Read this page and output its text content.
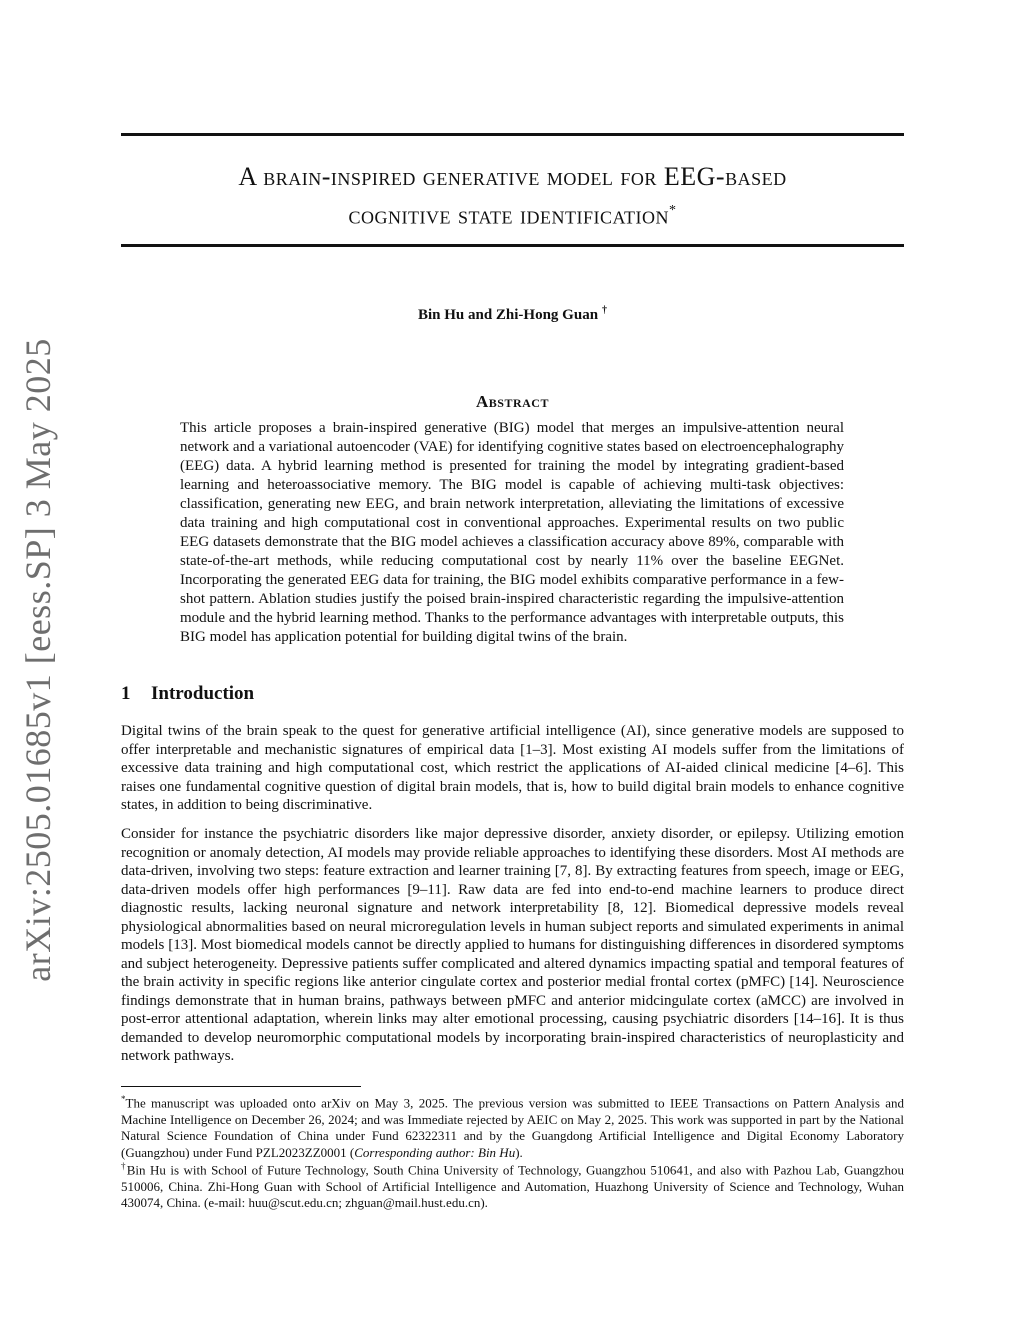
arXiv:2505.01685v1 [eess.SP] 3 May 2025
A brain-inspired generative model for EEG-based
cognitive state identification*
Bin Hu and Zhi-Hong Guan †
Abstract
This article proposes a brain-inspired generative (BIG) model that merges an impulsive-attention neural network and a variational autoencoder (VAE) for identifying cognitive states based on electroencephalography (EEG) data. A hybrid learning method is presented for training the model by integrating gradient-based learning and heteroassociative memory. The BIG model is capable of achieving multi-task objectives: classification, generating new EEG, and brain network interpretation, alleviating the limitations of excessive data training and high computational cost in conventional approaches. Experimental results on two public EEG datasets demonstrate that the BIG model achieves a classification accuracy above 89%, comparable with state-of-the-art methods, while reducing computational cost by nearly 11% over the baseline EEGNet. Incorporating the generated EEG data for training, the BIG model exhibits comparative performance in a few-shot pattern. Ablation studies justify the poised brain-inspired characteristic regarding the impulsive-attention module and the hybrid learning method. Thanks to the performance advantages with interpretable outputs, this BIG model has application potential for building digital twins of the brain.
1 Introduction
Digital twins of the brain speak to the quest for generative artificial intelligence (AI), since generative models are supposed to offer interpretable and mechanistic signatures of empirical data [1–3]. Most existing AI models suffer from the limitations of excessive data training and high computational cost, which restrict the applications of AI-aided clinical medicine [4–6]. This raises one fundamental cognitive question of digital brain models, that is, how to build digital brain models to enhance cognitive states, in addition to being discriminative.
Consider for instance the psychiatric disorders like major depressive disorder, anxiety disorder, or epilepsy. Utilizing emotion recognition or anomaly detection, AI models may provide reliable approaches to identifying these disorders. Most AI methods are data-driven, involving two steps: feature extraction and learner training [7, 8]. By extracting features from speech, image or EEG, data-driven models offer high performances [9–11]. Raw data are fed into end-to-end machine learners to produce direct diagnostic results, lacking neuronal signature and network interpretability [8, 12]. Biomedical depressive models reveal physiological abnormalities based on neural microregulation levels in human subject reports and simulated experiments in animal models [13]. Most biomedical models cannot be directly applied to humans for distinguishing differences in disordered symptoms and subject heterogeneity. Depressive patients suffer complicated and altered dynamics impacting spatial and temporal features of the brain activity in specific regions like anterior cingulate cortex and posterior medial frontal cortex (pMFC) [14]. Neuroscience findings demonstrate that in human brains, pathways between pMFC and anterior midcingulate cortex (aMCC) are involved in post-error attentional adaptation, wherein links may alter emotional processing, causing psychiatric disorders [14–16]. It is thus demanded to develop neuromorphic computational models by incorporating brain-inspired characteristics of neuroplasticity and network pathways.
*The manuscript was uploaded onto arXiv on May 3, 2025. The previous version was submitted to IEEE Transactions on Pattern Analysis and Machine Intelligence on December 26, 2024; and was Immediate rejected by AEIC on May 2, 2025. This work was supported in part by the National Natural Science Foundation of China under Fund 62322311 and by the Guangdong Artificial Intelligence and Digital Economy Laboratory (Guangzhou) under Fund PZL2023ZZ0001 (Corresponding author: Bin Hu).
†Bin Hu is with School of Future Technology, South China University of Technology, Guangzhou 510641, and also with Pazhou Lab, Guangzhou 510006, China. Zhi-Hong Guan with School of Artificial Intelligence and Automation, Huazhong University of Science and Technology, Wuhan 430074, China. (e-mail: huu@scut.edu.cn; zhguan@mail.hust.edu.cn).
